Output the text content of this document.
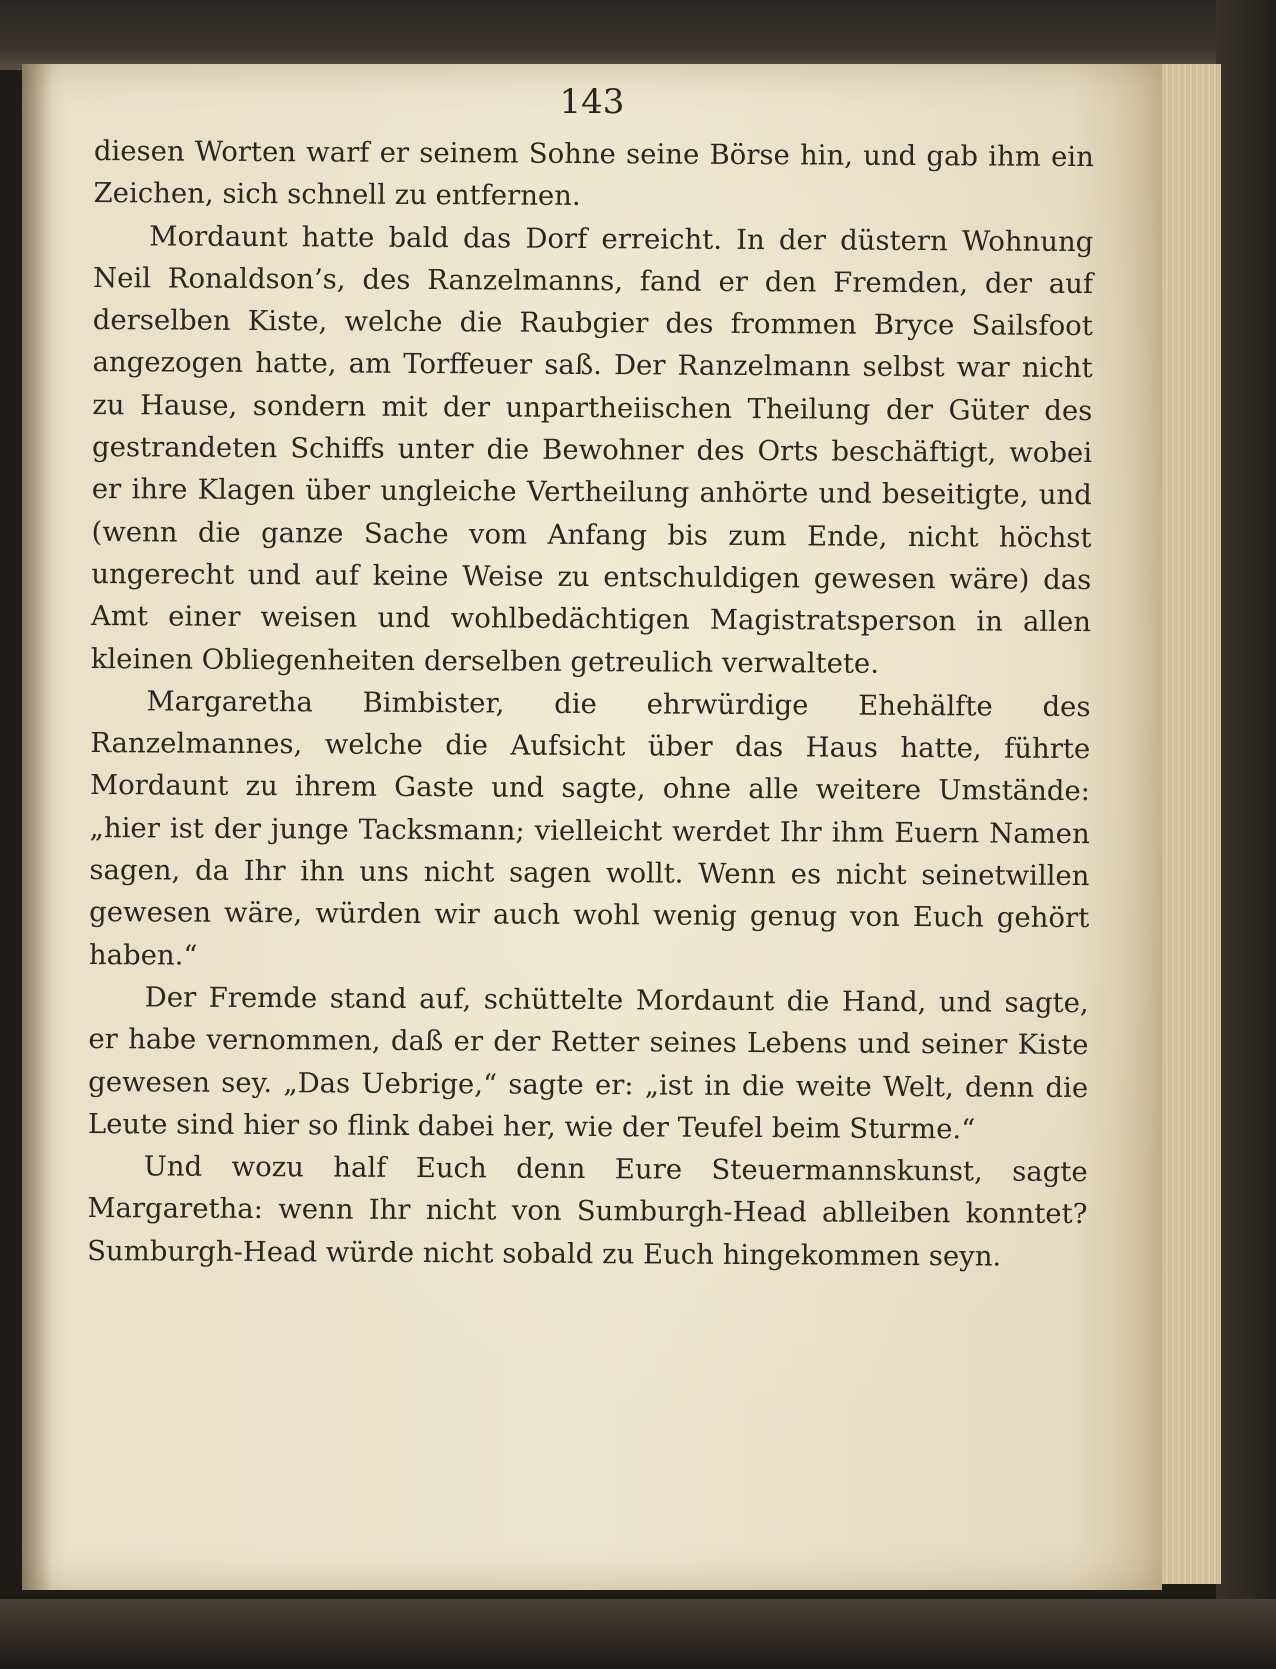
143

diesen Worten warf er seinem Sohne seine Börse hin, und gab ihm ein Zeichen, sich schnell zu entfernen.

Mordaunt hatte bald das Dorf erreicht. In der düstern Wohnung Neil Ronaldson’s, des Ranzelmanns, fand er den Fremden, der auf derselben Kiste, welche die Raubgier des frommen Bryce Sailsfoot angezogen hatte, am Torffeuer saß. Der Ranzelmann selbst war nicht zu Hause, sondern mit der unpartheiischen Theilung der Güter des gestrandeten Schiffs unter die Bewohner des Orts beschäftigt, wobei er ihre Klagen über ungleiche Vertheilung anhörte und beseitigte, und (wenn die ganze Sache vom Anfang bis zum Ende, nicht höchst ungerecht und auf keine Weise zu entschuldigen gewesen wäre) das Amt einer weisen und wohlbedächtigen Magistratsperson in allen kleinen Obliegenheiten derselben getreulich verwaltete.

Margaretha Bimbister, die ehrwürdige Ehehälfte des Ranzelmannes, welche die Aufsicht über das Haus hatte, führte Mordaunt zu ihrem Gaste und sagte, ohne alle weitere Umstände: „hier ist der junge Tacksmann; vielleicht werdet Ihr ihm Euern Namen sagen, da Ihr ihn uns nicht sagen wollt. Wenn es nicht seinetwillen gewesen wäre, würden wir auch wohl wenig genug von Euch gehört haben.“

Der Fremde stand auf, schüttelte Mordaunt die Hand, und sagte, er habe vernommen, daß er der Retter seines Lebens und seiner Kiste gewesen sey. „Das Uebrige,“ sagte er: „ist in die weite Welt, denn die Leute sind hier so flink dabei her, wie der Teufel beim Sturme.“

Und wozu half Euch denn Eure Steuermannskunst, sagte Margaretha: wenn Ihr nicht von Sumburgh-Head ablleiben konntet? Sumburgh-Head würde nicht sobald zu Euch hingekommen seyn.
